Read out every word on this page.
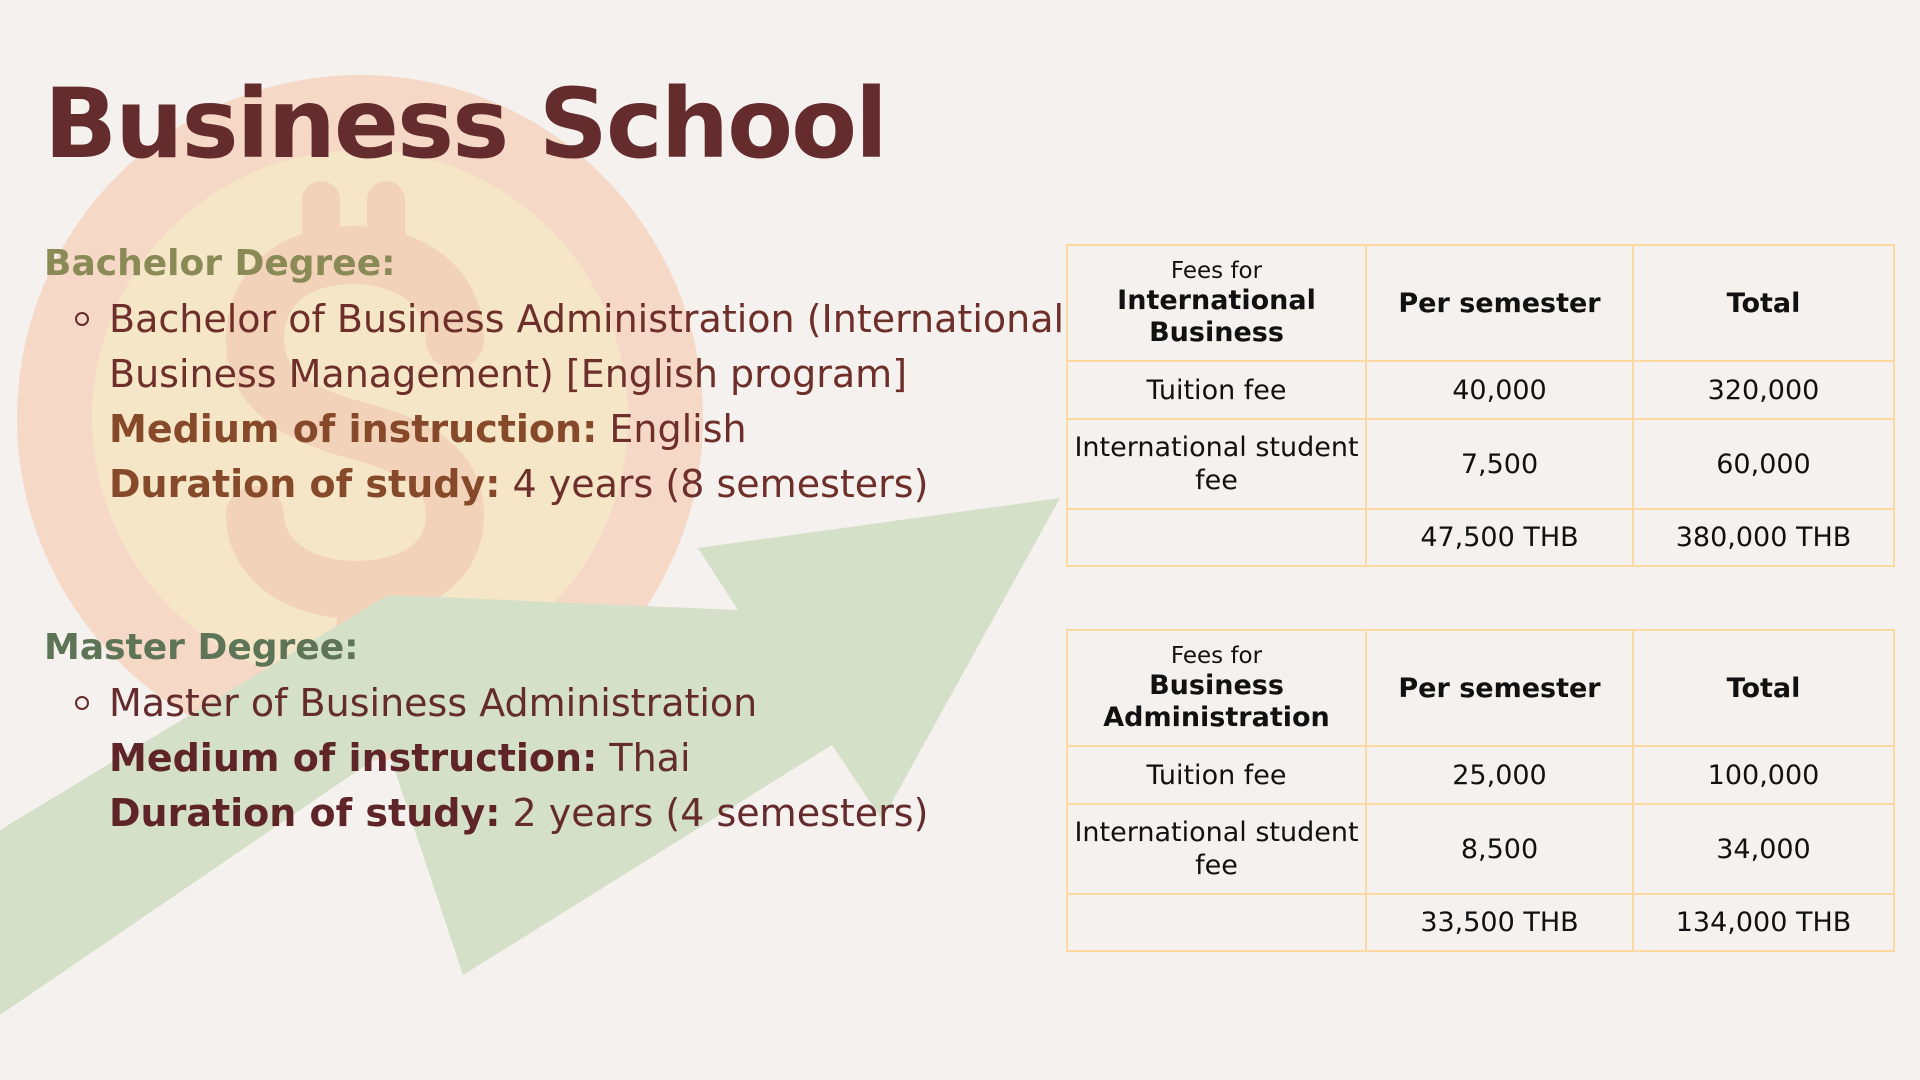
Business School
Bachelor Degree:
Bachelor of Business Administration (International
Business Management) [English program]
Medium of instruction: English
Duration of study: 4 years (8 semesters)
Master Degree:
Master of Business Administration
Medium of instruction: Thai
Duration of study: 2 years (4 semesters)
Fees for
International Business	Per semester	Total
Tuition fee	40,000	320,000
International student fee	7,500	60,000
	47,500 THB	380,000 THB
Fees for
Business Administration	Per semester	Total
Tuition fee	25,000	100,000
International student fee	8,500	34,000
	33,500 THB	134,000 THB
